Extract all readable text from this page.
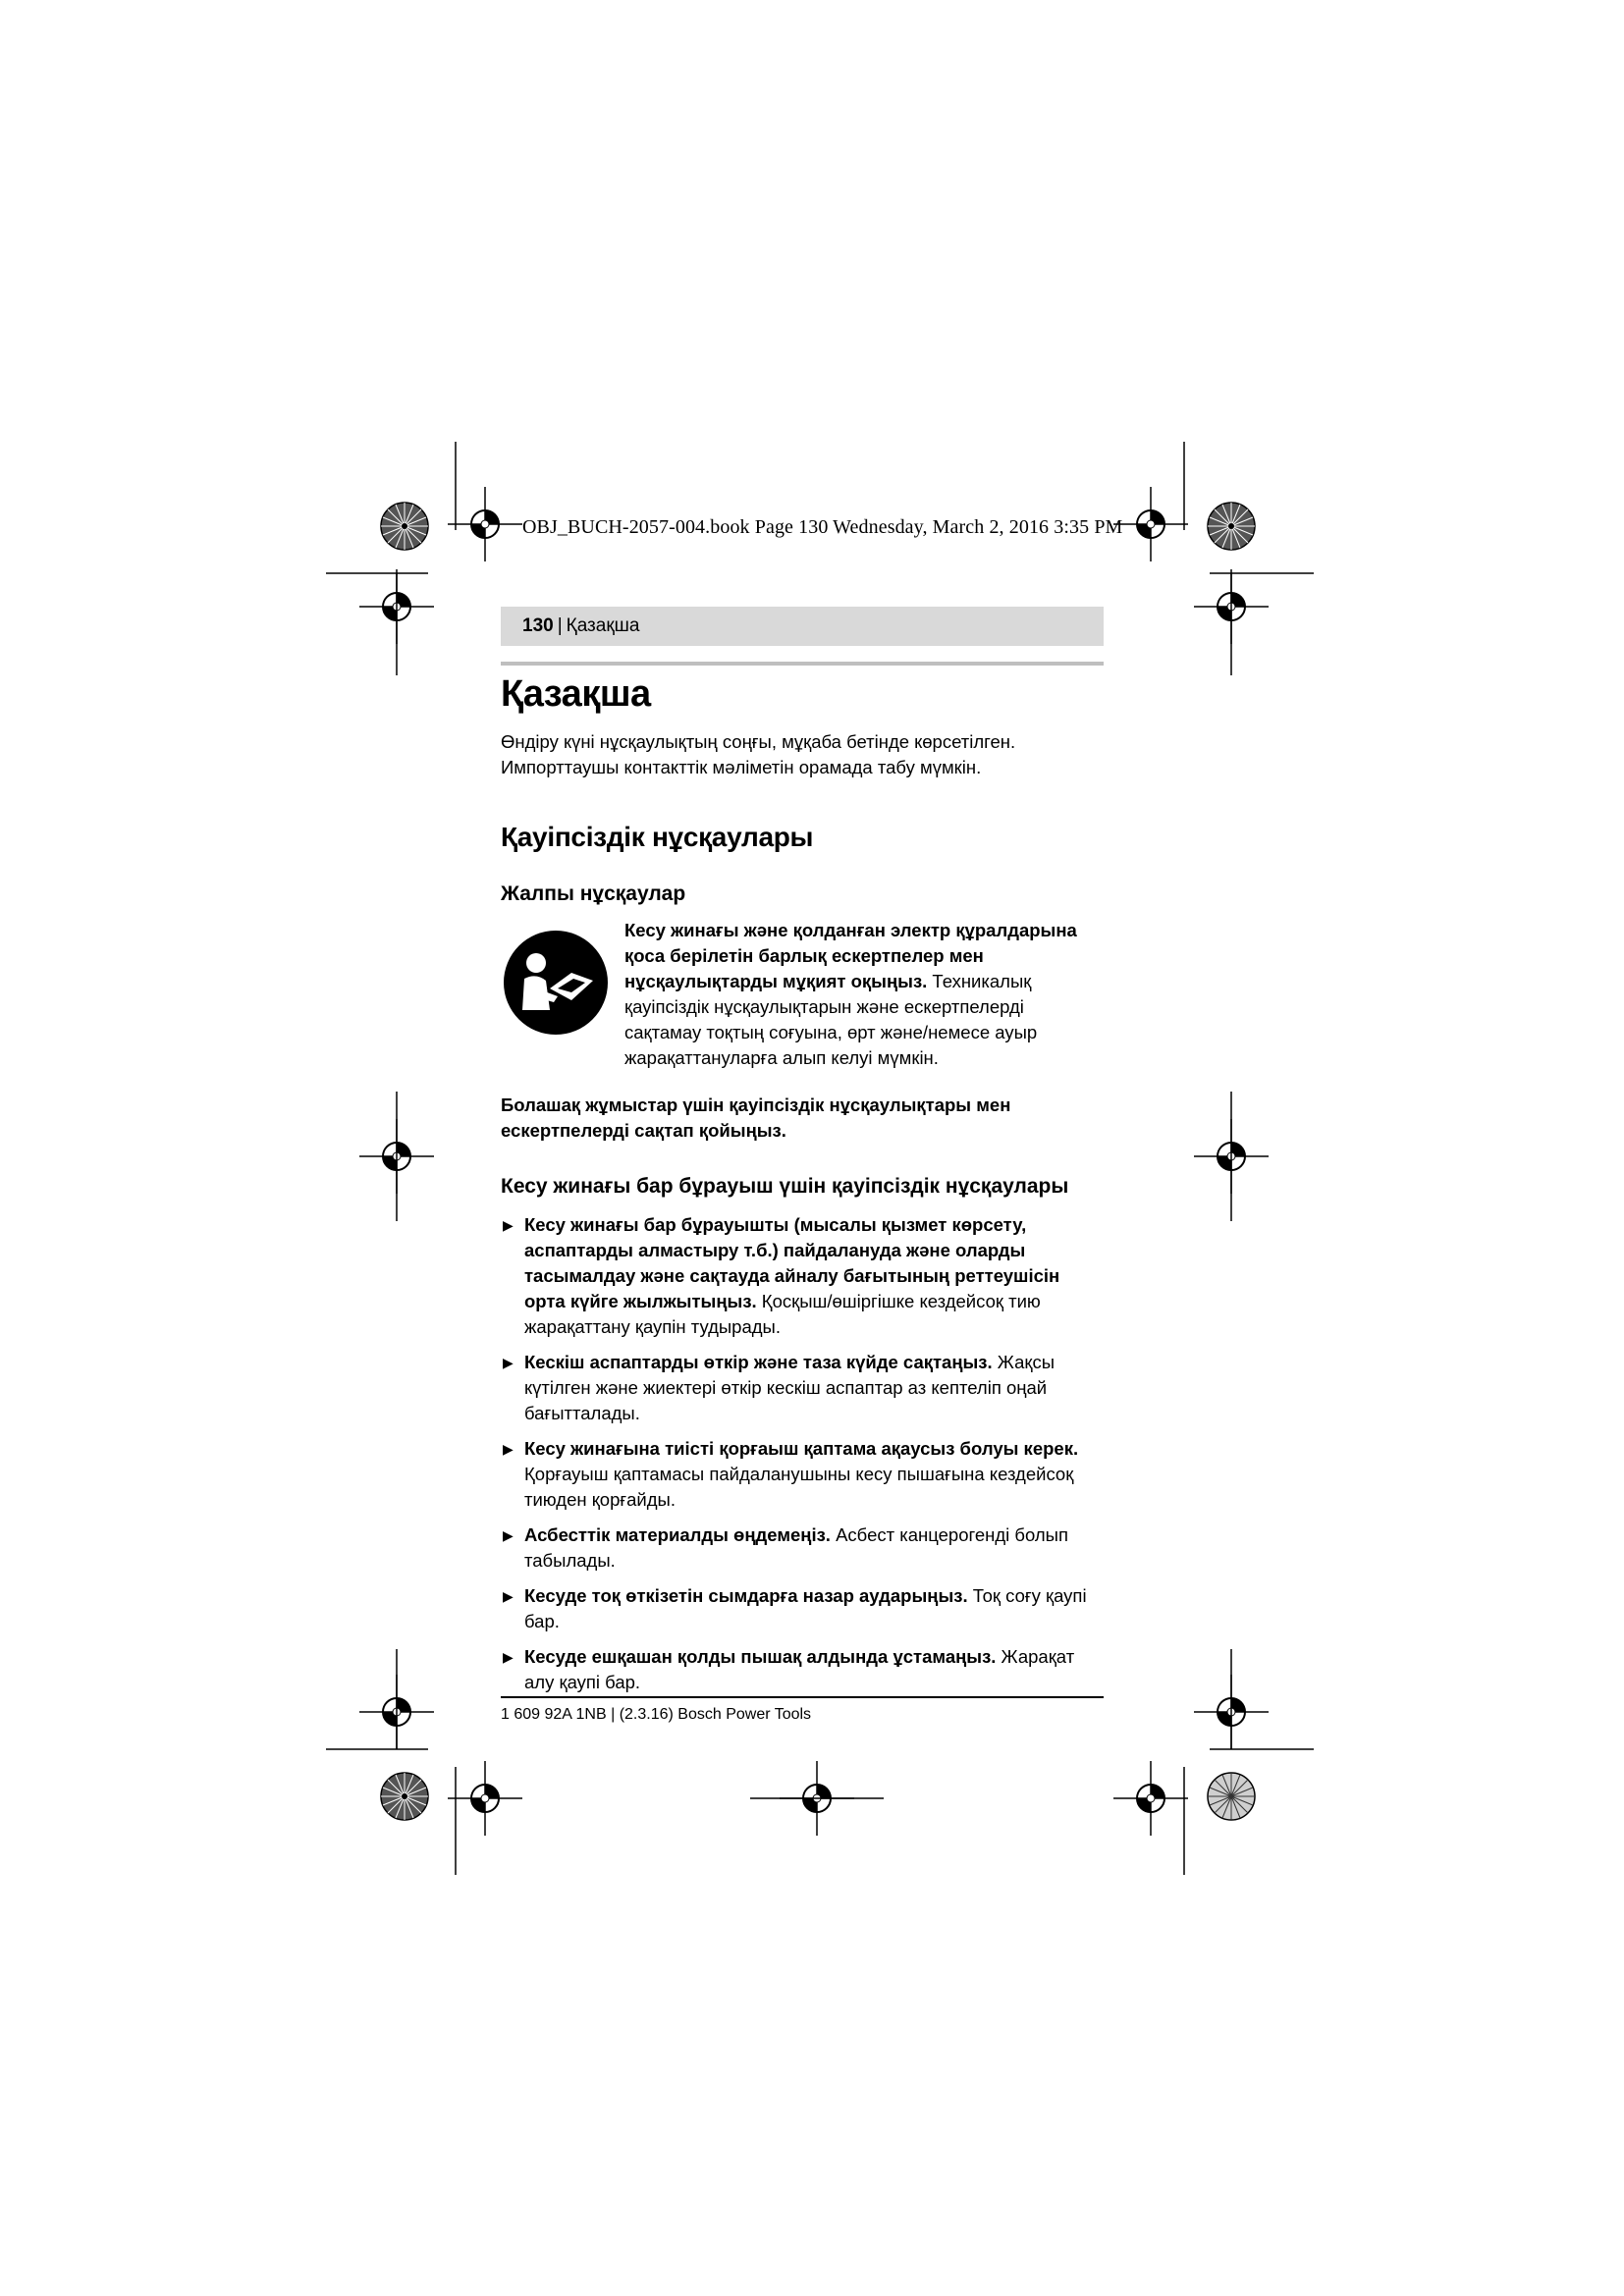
OBJ_BUCH-2057-004.book Page 130 Wednesday, March 2, 2016 3:35 PM
130 | Қазақша
Қазақша

Өндіру күні нұсқаулықтың соңғы, мұқаба бетінде көрсетілген.

Импорттаушы контакттік мәліметін орамада табу мүмкін.

Қауіпсіздік нұсқаулары
Жалпы нұсқаулар
Кесу жинағы және қолданған электр құралдарына қоса берілетін барлық ескертпелер мен нұсқаулықтарды мұқият оқыңыз. Техникалық қауіпсіздік нұсқаулықтарын және ескертпелерді сақтамау тоқтың соғуына, өрт және/немесе ауыр жарақаттануларға алып келуі мүмкін.

Болашақ жұмыстар үшін қауіпсіздік нұсқаулықтары мен ескертпелерді сақтап қойыңыз.

Кесу жинағы бар бұрауыш үшін қауіпсіздік нұсқаулары
▶ Кесу жинағы бар бұрауышты (мысалы қызмет көрсету, аспаптарды алмастыру т.б.) пайдалануда және оларды тасымалдау және сақтауда айналу бағытының реттеушісін орта күйге жылжытыңыз. Қосқыш/өшіргішке кездейсоқ тию жарақаттану қаупін тудырады.
▶ Кескіш аспаптарды өткір және таза күйде сақтаңыз. Жақсы күтілген және жиектері өткір кескіш аспаптар аз кептеліп оңай бағытталады.
▶ Кесу жинағына тиісті қорғаыш қаптама ақаусыз болуы керек. Қорғауыш қаптамасы пайдаланушыны кесу пышағына кездейсоқ тиюден қорғайды.
▶ Асбесттік материалды өңдемеңіз. Асбест канцерогенді болып табылады.
▶ Кесуде тоқ өткізетін сымдарға назар аударыңыз. Тоқ соғу қаупі бар.
▶ Кесуде ешқашан қолды пышақ алдында ұстамаңыз. Жарақат алу қаупі бар.
1 609 92A 1NB | (2.3.16) Bosch Power Tools
